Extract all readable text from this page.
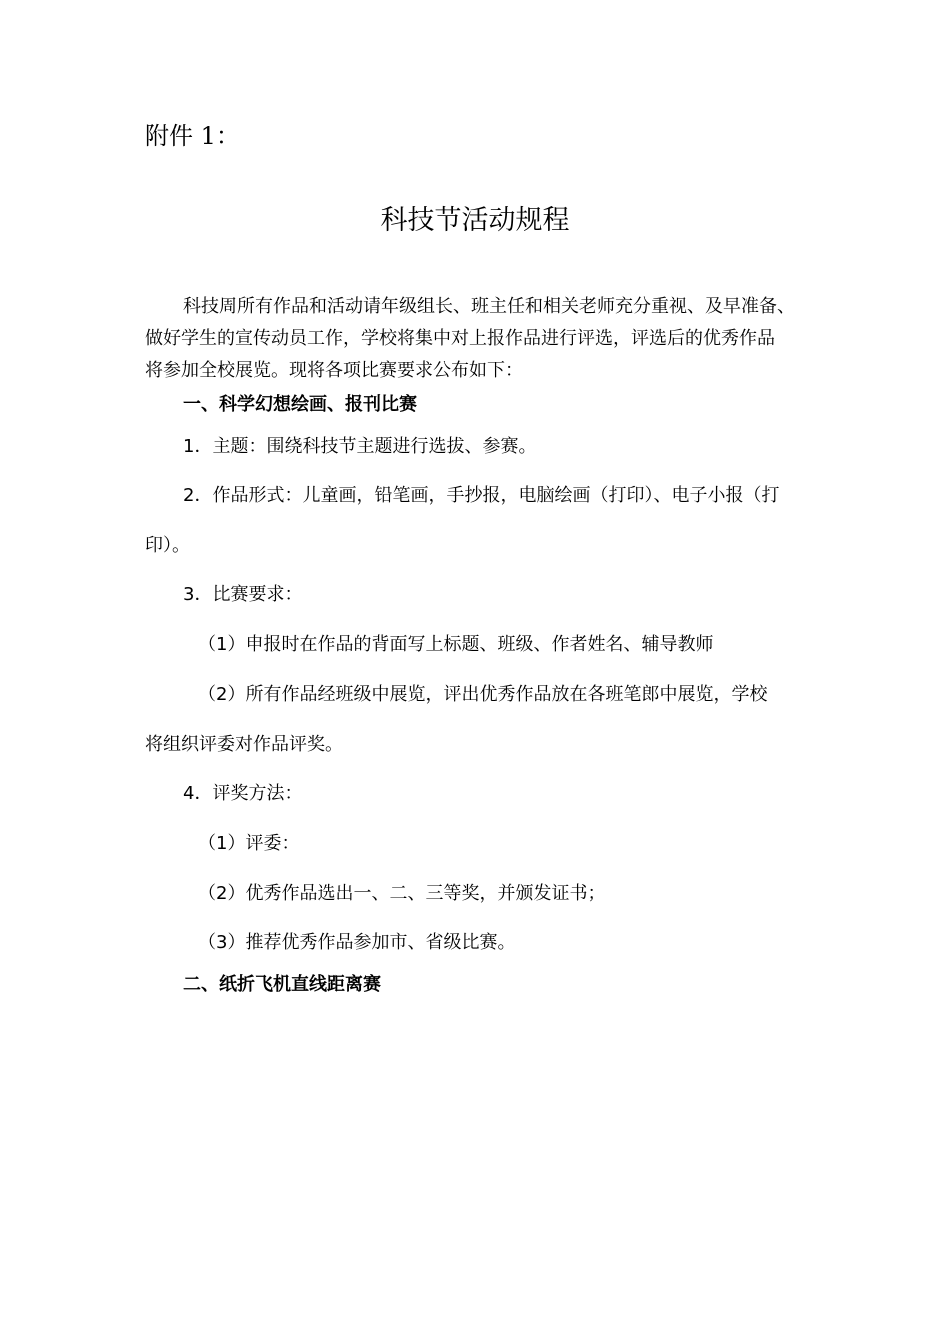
附件 1：
科技节活动规程
科技周所有作品和活动请年级组长、班主任和相关老师充分重视、及早准备、
做好学生的宣传动员工作，学校将集中对上报作品进行评选，评选后的优秀作品
将参加全校展览。现将各项比赛要求公布如下：
一、科学幻想绘画、报刊比赛
1．主题：围绕科技节主题进行选拔、参赛。
2．作品形式：儿童画，铅笔画，手抄报，电脑绘画（打印）、电子小报（打
印）。
3．比赛要求：
（1）申报时在作品的背面写上标题、班级、作者姓名、辅导教师
（2）所有作品经班级中展览，评出优秀作品放在各班笔郎中展览，学校
将组织评委对作品评奖。
4．评奖方法：
（1）评委：
（2）优秀作品选出一、二、三等奖，并颁发证书；
（3）推荐优秀作品参加市、省级比赛。
二、纸折飞机直线距离赛
